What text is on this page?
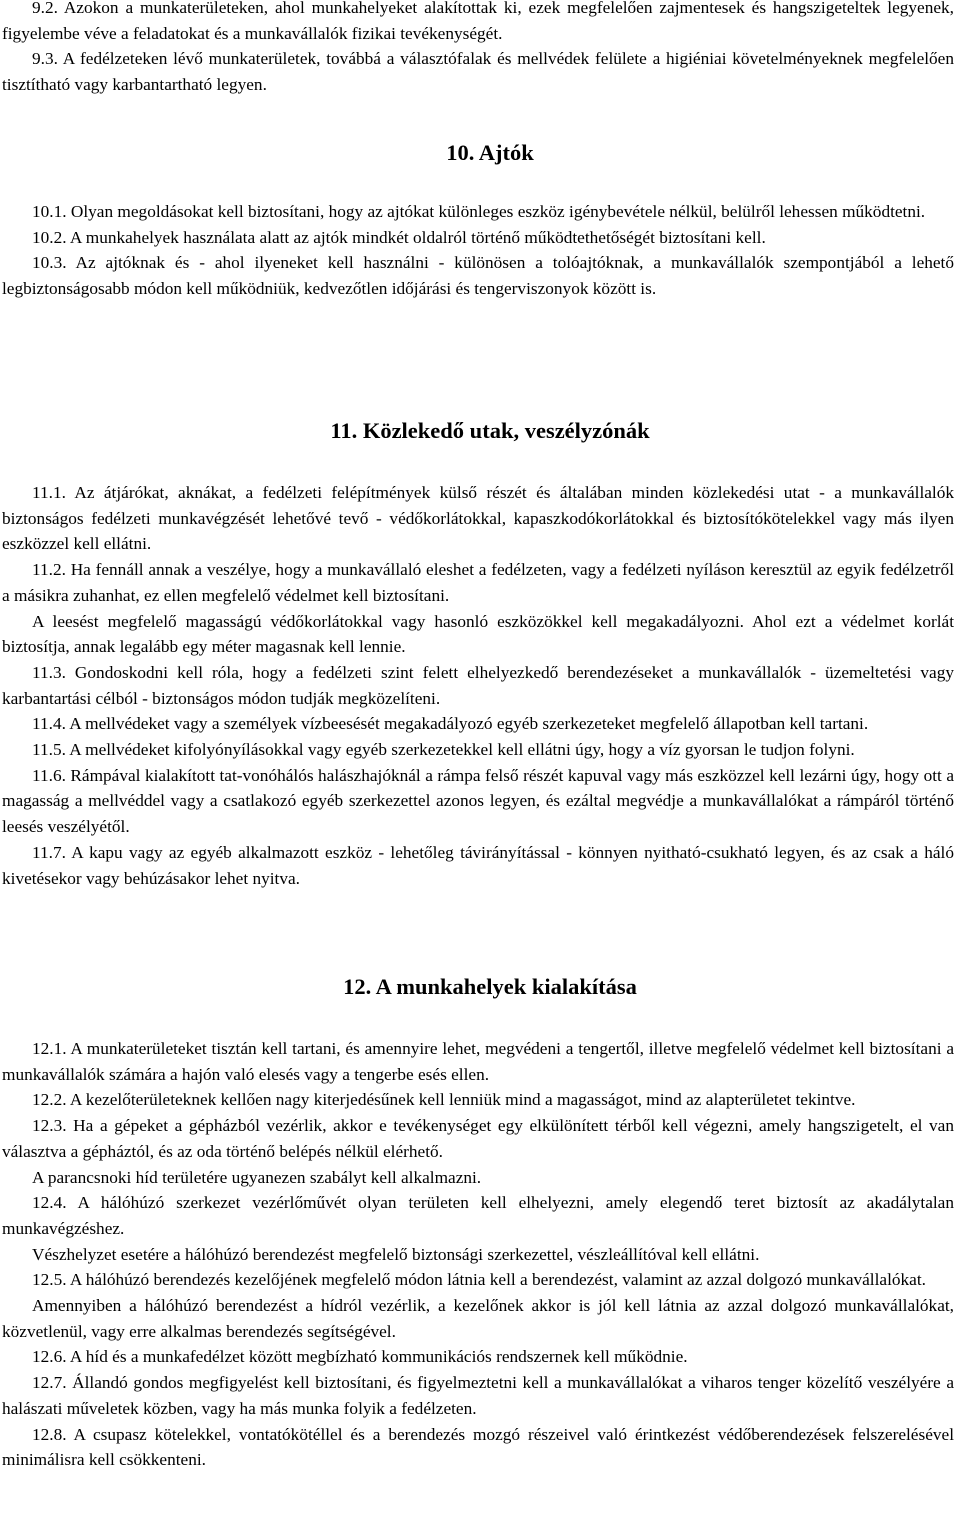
9.2. Azokon a munkaterületeken, ahol munkahelyeket alakítottak ki, ezek megfelelően zajmentesek és hangszigeteltek legyenek, figyelembe véve a feladatokat és a munkavállalók fizikai tevékenységét.

9.3. A fedélzeteken lévő munkaterületek, továbbá a választófalak és mellvédek felülete a higiéniai követelményeknek megfelelően tisztítható vagy karbantartható legyen.

10. Ajtók

10.1. Olyan megoldásokat kell biztosítani, hogy az ajtókat különleges eszköz igénybevétele nélkül, belülről lehessen működtetni.

10.2. A munkahelyek használata alatt az ajtók mindkét oldalról történő működtethetőségét biztosítani kell.

10.3. Az ajtóknak és - ahol ilyeneket kell használni - különösen a tolóajtóknak, a munkavállalók szempontjából a lehető legbiztonságosabb módon kell működniük, kedvezőtlen időjárási és tengerviszonyok között is.

11. Közlekedő utak, veszélyzónák

11.1. Az átjárókat, aknákat, a fedélzeti felépítmények külső részét és általában minden közlekedési utat - a munkavállalók biztonságos fedélzeti munkavégzését lehetővé tevő - védőkorlátokkal, kapaszkodókorlátokkal és biztosítókötelekkel vagy más ilyen eszközzel kell ellátni.

11.2. Ha fennáll annak a veszélye, hogy a munkavállaló eleshet a fedélzeten, vagy a fedélzeti nyíláson keresztül az egyik fedélzetről a másikra zuhanhat, ez ellen megfelelő védelmet kell biztosítani.

A leesést megfelelő magasságú védőkorlátokkal vagy hasonló eszközökkel kell megakadályozni. Ahol ezt a védelmet korlát biztosítja, annak legalább egy méter magasnak kell lennie.

11.3. Gondoskodni kell róla, hogy a fedélzeti szint felett elhelyezkedő berendezéseket a munkavállalók - üzemeltetési vagy karbantartási célból - biztonságos módon tudják megközelíteni.

11.4. A mellvédeket vagy a személyek vízbeesését megakadályozó egyéb szerkezeteket megfelelő állapotban kell tartani.

11.5. A mellvédeket kifolyónyílásokkal vagy egyéb szerkezetekkel kell ellátni úgy, hogy a víz gyorsan le tudjon folyni.

11.6. Rámpával kialakított tat-vonóhálós halászhajóknál a rámpa felső részét kapuval vagy más eszközzel kell lezárni úgy, hogy ott a magasság a mellvéddel vagy a csatlakozó egyéb szerkezettel azonos legyen, és ezáltal megvédje a munkavállalókat a rámpáról történő leesés veszélyétől.

11.7. A kapu vagy az egyéb alkalmazott eszköz - lehetőleg távirányítással - könnyen nyitható-csukható legyen, és az csak a háló kivetésekor vagy behúzásakor lehet nyitva.

12. A munkahelyek kialakítása

12.1. A munkaterületeket tisztán kell tartani, és amennyire lehet, megvédeni a tengertől, illetve megfelelő védelmet kell biztosítani a munkavállalók számára a hajón való elesés vagy a tengerbe esés ellen.

12.2. A kezelőterületeknek kellően nagy kiterjedésűnek kell lenniük mind a magasságot, mind az alapterületet tekintve.

12.3. Ha a gépeket a gépházból vezérlik, akkor e tevékenységet egy elkülönített térből kell végezni, amely hangszigetelt, el van választva a gépháztól, és az oda történő belépés nélkül elérhető.

A parancsnoki híd területére ugyanezen szabályt kell alkalmazni.

12.4. A hálóhúzó szerkezet vezérlőművét olyan területen kell elhelyezni, amely elegendő teret biztosít az akadálytalan munkavégzéshez.

Vészhelyzet esetére a hálóhúzó berendezést megfelelő biztonsági szerkezettel, vészleállítóval kell ellátni.

12.5. A hálóhúzó berendezés kezelőjének megfelelő módon látnia kell a berendezést, valamint az azzal dolgozó munkavállalókat.

Amennyiben a hálóhúzó berendezést a hídról vezérlik, a kezelőnek akkor is jól kell látnia az azzal dolgozó munkavállalókat, közvetlenül, vagy erre alkalmas berendezés segítségével.

12.6. A híd és a munkafedélzet között megbízható kommunikációs rendszernek kell működnie.

12.7. Állandó gondos megfigyelést kell biztosítani, és figyelmeztetni kell a munkavállalókat a viharos tenger közelítő veszélyére a halászati műveletek közben, vagy ha más munka folyik a fedélzeten.

12.8. A csupasz kötelekkel, vontatókötéllel és a berendezés mozgó részeivel való érintkezést védőberendezések felszerelésével minimálisra kell csökkenteni.
